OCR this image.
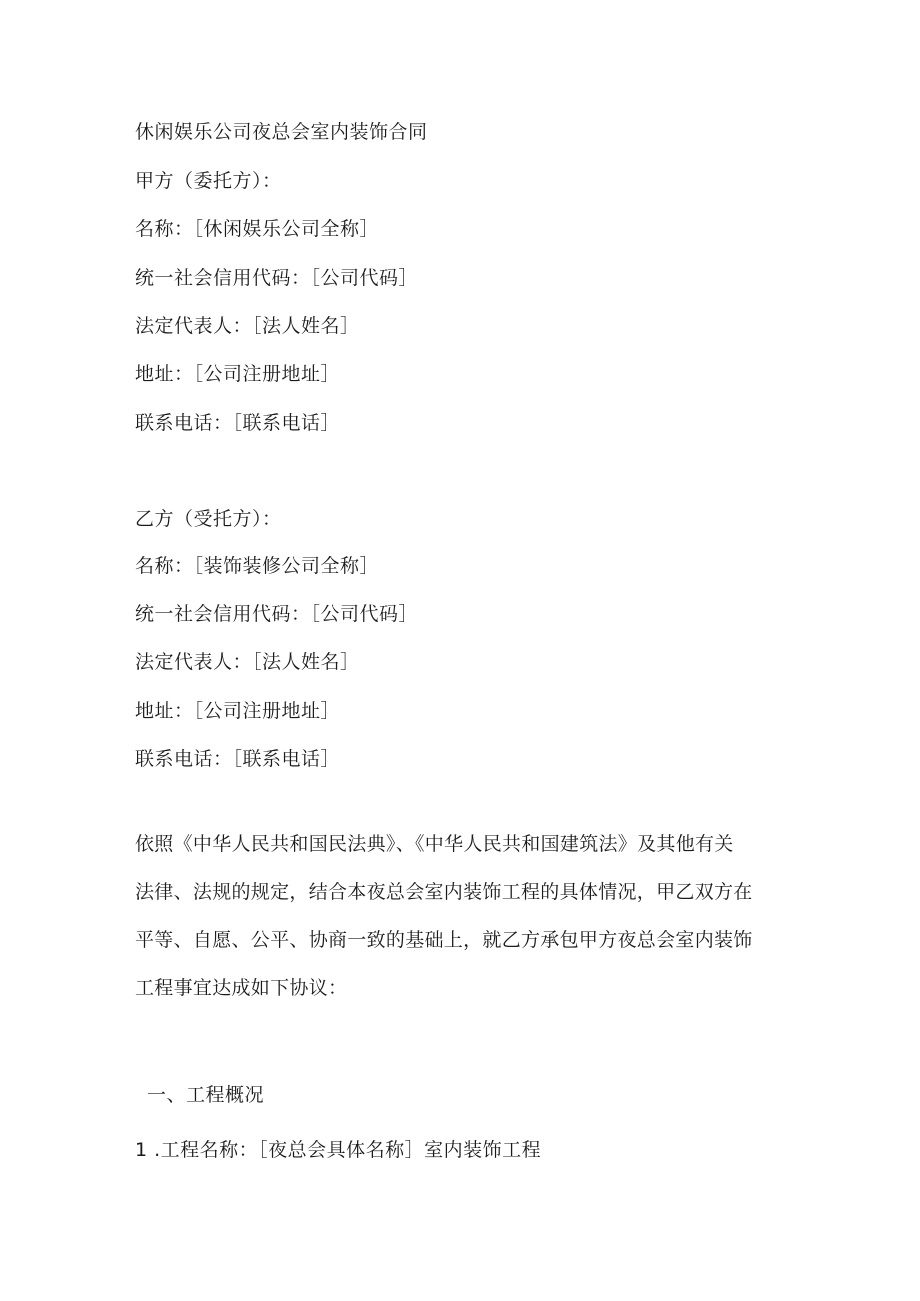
休闲娱乐公司夜总会室内装饰合同
甲方（委托方）：
名称：［休闲娱乐公司全称］
统一社会信用代码：［公司代码］
法定代表人：［法人姓名］
地址：［公司注册地址］
联系电话：［联系电话］
乙方（受托方）：
名称：［装饰装修公司全称］
统一社会信用代码：［公司代码］
法定代表人：［法人姓名］
地址：［公司注册地址］
联系电话：［联系电话］

依照《中华人民共和国民法典》、《中华人民共和国建筑法》及其他有关

法律、法规的规定，结合本夜总会室内装饰工程的具体情况，甲乙双方在

平等、自愿、公平、协商一致的基础上，就乙方承包甲方夜总会室内装饰

工程事宜达成如下协议：

一、工程概况
1 .工程名称：［夜总会具体名称］室内装饰工程
